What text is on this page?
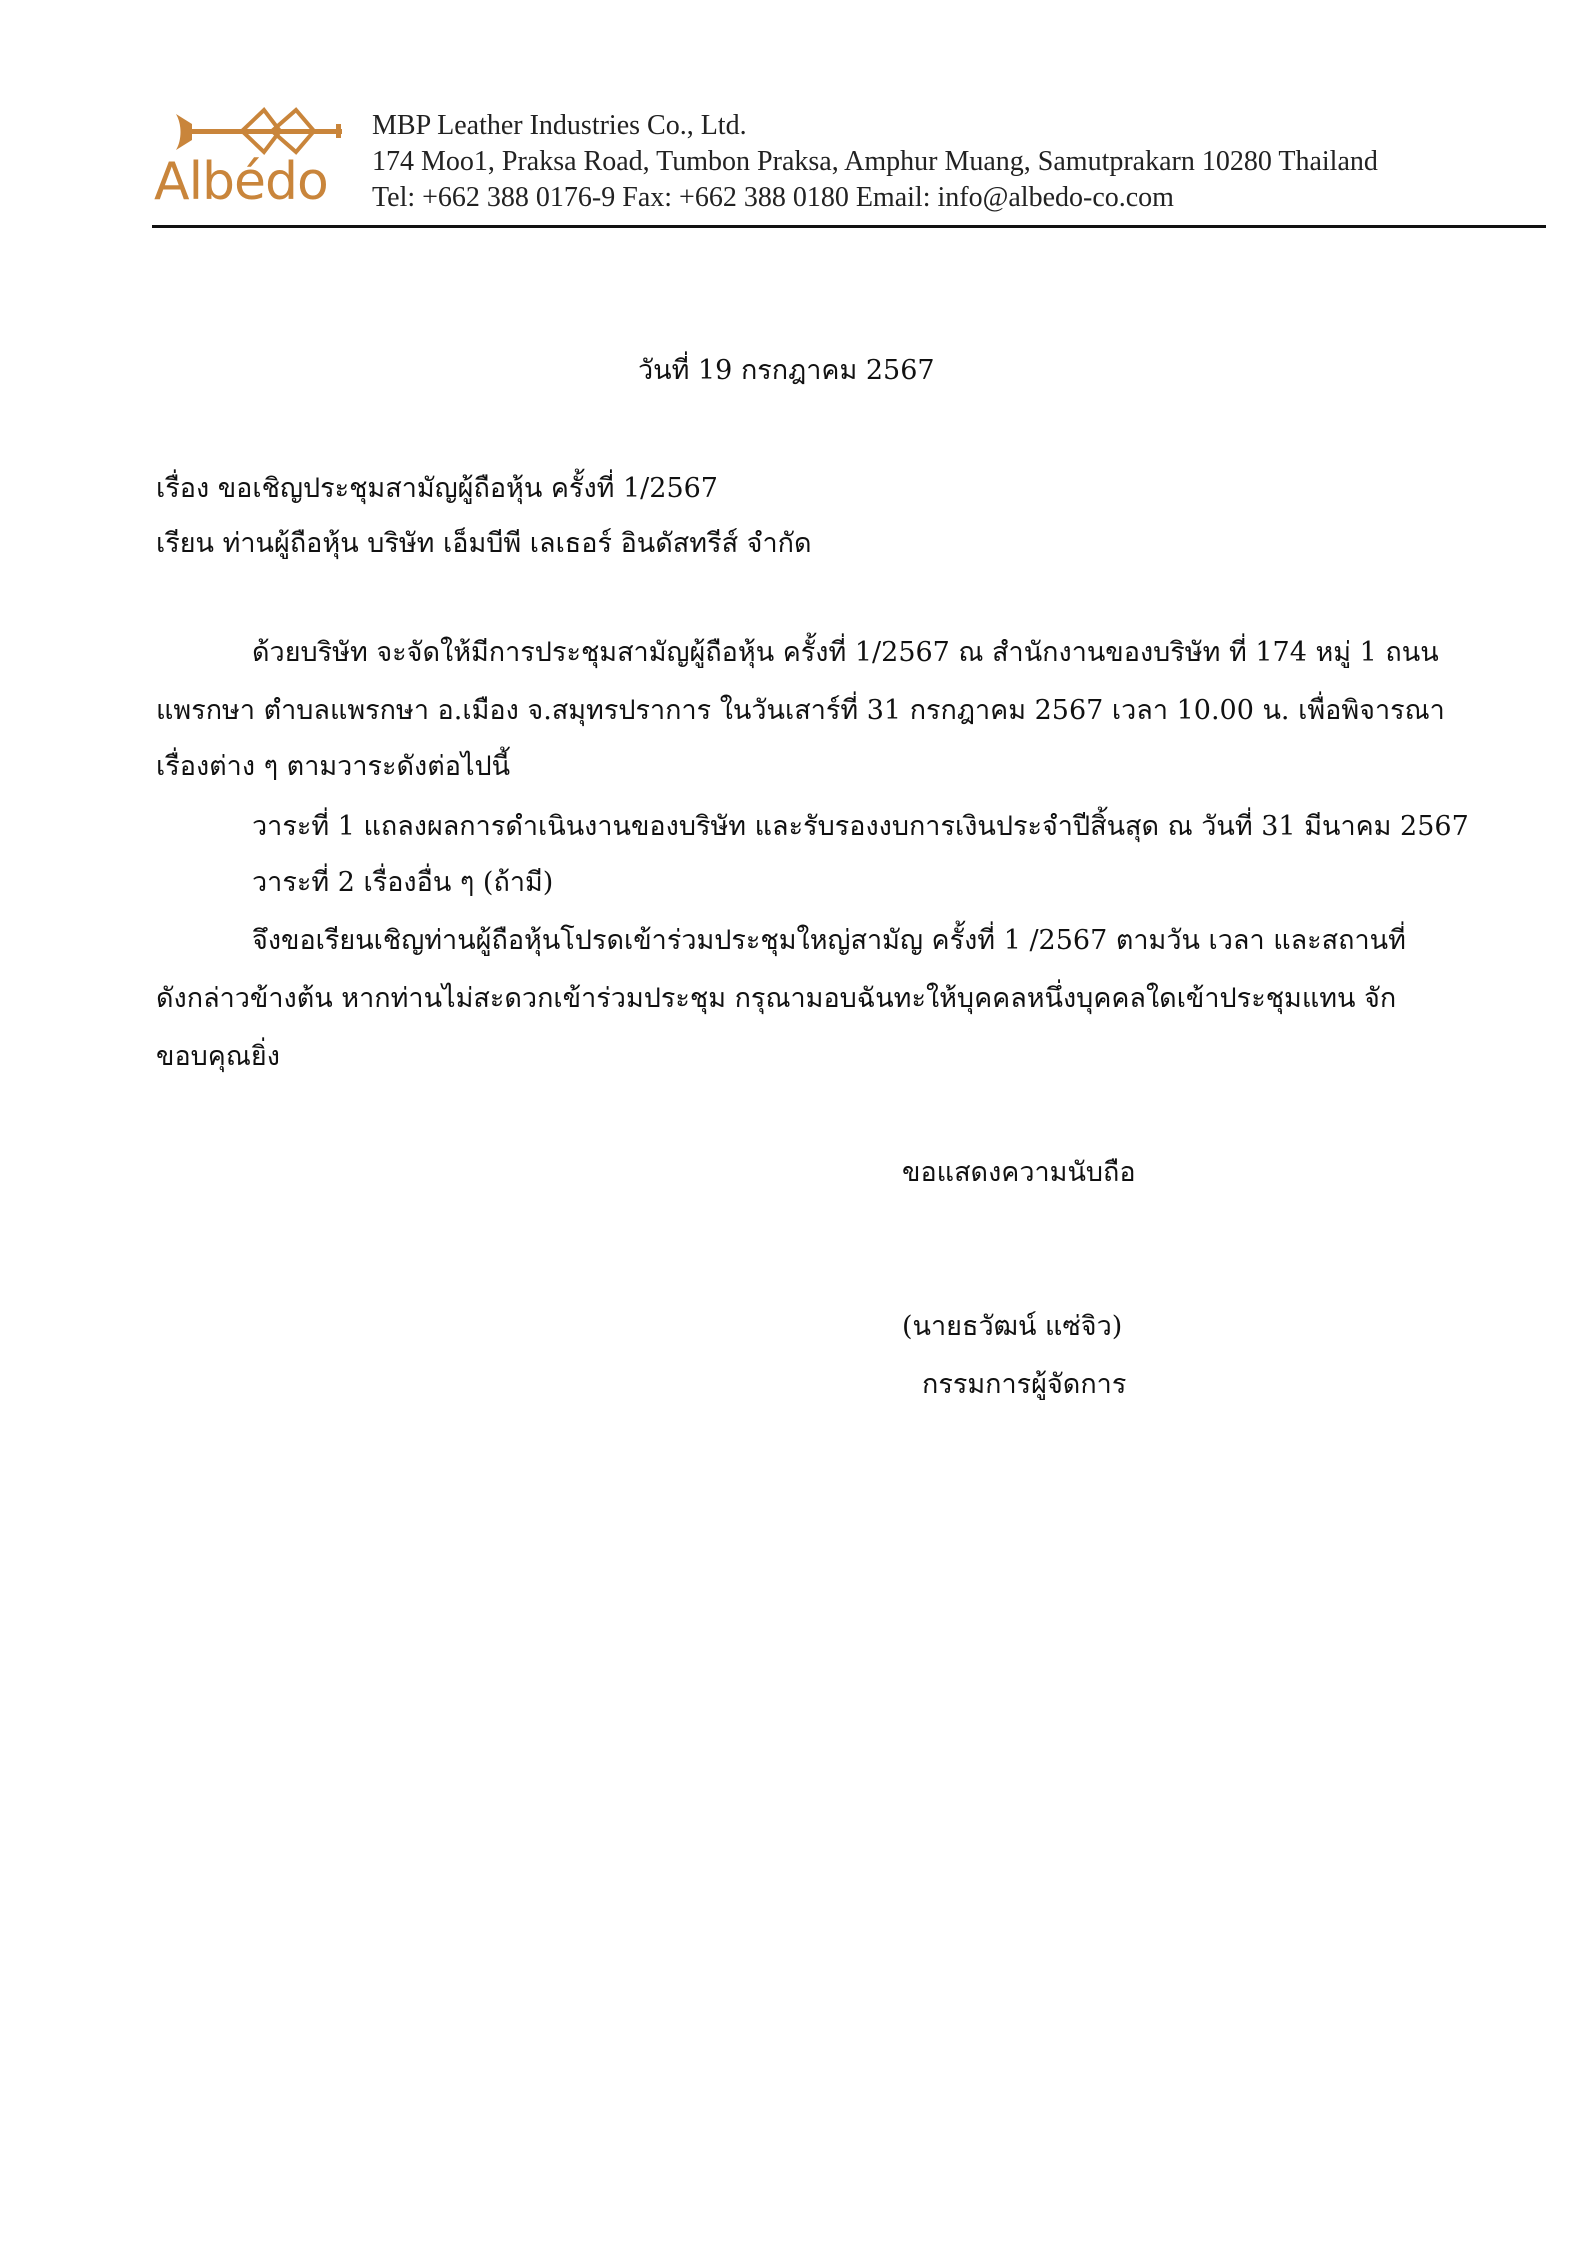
Albédo
MBP Leather Industries Co., Ltd.
174 Moo1, Praksa Road, Tumbon Praksa, Amphur Muang, Samutprakarn 10280 Thailand
Tel: +662 388 0176-9 Fax: +662 388 0180 Email: info@albedo-co.com
วันที่ 19 กรกฎาคม 2567
เรื่อง ขอเชิญประชุมสามัญผู้ถือหุ้น ครั้งที่ 1/2567
เรียน ท่านผู้ถือหุ้น บริษัท เอ็มบีพี เลเธอร์ อินดัสทรีส์ จำกัด
ด้วยบริษัท จะจัดให้มีการประชุมสามัญผู้ถือหุ้น ครั้งที่ 1/2567 ณ สำนักงานของบริษัท ที่ 174 หมู่ 1 ถนน
แพรกษา ตำบลแพรกษา อ.เมือง จ.สมุทรปราการ ในวันเสาร์ที่ 31 กรกฎาคม 2567 เวลา 10.00 น. เพื่อพิจารณา
เรื่องต่าง ๆ ตามวาระดังต่อไปนี้
วาระที่ 1 แถลงผลการดำเนินงานของบริษัท และรับรองงบการเงินประจำปีสิ้นสุด ณ วันที่ 31 มีนาคม 2567
วาระที่ 2 เรื่องอื่น ๆ (ถ้ามี)
จึงขอเรียนเชิญท่านผู้ถือหุ้นโปรดเข้าร่วมประชุมใหญ่สามัญ ครั้งที่ 1 /2567 ตามวัน เวลา และสถานที่
ดังกล่าวข้างต้น หากท่านไม่สะดวกเข้าร่วมประชุม กรุณามอบฉันทะให้บุคคลหนึ่งบุคคลใดเข้าประชุมแทน จัก
ขอบคุณยิ่ง
ขอแสดงความนับถือ
(นายธวัฒน์ แซ่จิว)
กรรมการผู้จัดการ
